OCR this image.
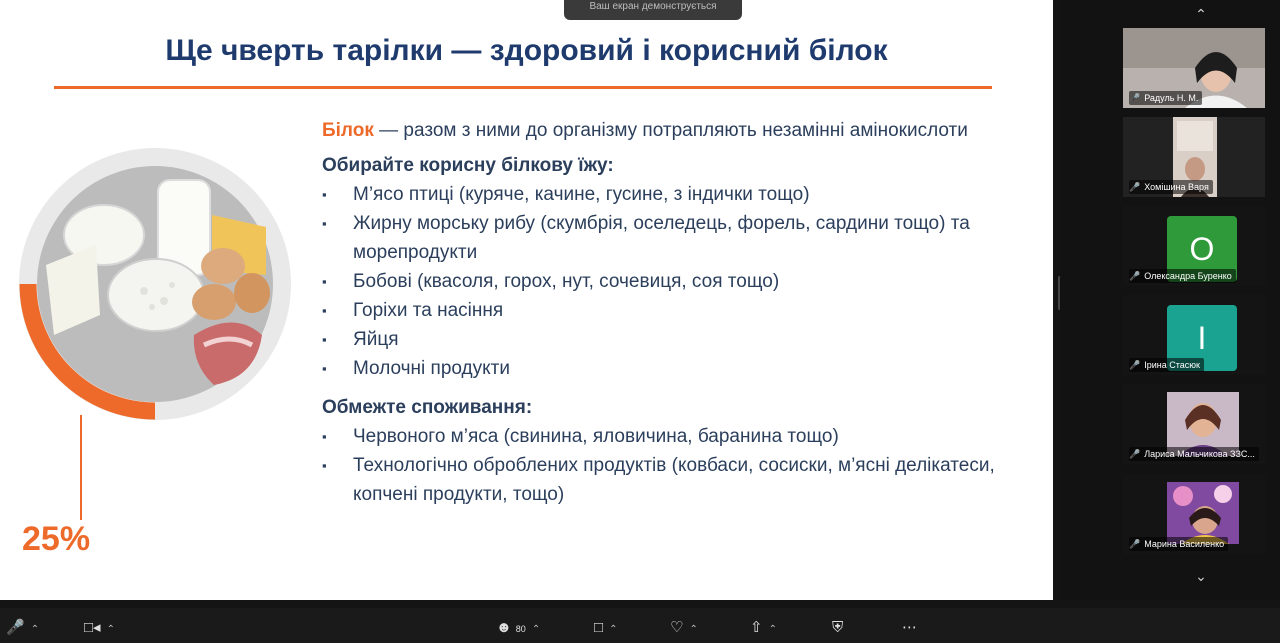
Ваш екран демонструється
Ще чверть тарілки — здоровий і корисний білок
25%

Білок — разом з ними до організму потрапляють незамінні амінокислоти

Обирайте корисну білкову їжу:
▪ М’ясо птиці (куряче, качине, гусине, з індички тощо)
▪ Жирну морську рибу (скумбрія, оселедець, форель, сардини тощо) та морепродукти
▪ Бобові (квасоля, горох, нут, сочевиця, соя тощо)
▪ Горіхи та насіння
▪ Яйця
▪ Молочні продукти
Обмежте споживання:
▪ Червоного м’яса (свинина, яловичина, баранина тощо)
▪ Технологічно оброблених продуктів (ковбаси, сосиски, м’ясні делікатеси, копчені продукти, тощо)
⌃
🎤 Радуль Н. М.
🎤 Хомішина Варя
O
🎤 Олександра Буренко
I
🎤 Ірина Стасюк
🎤 Лариса Мальчикова ЗЗС...
🎤 Марина Василенко
⌄
🎤 ⌃	□◂ ⌃	☻ 80 ⌃	□ ⌃	♡ ⌃	⇧ ⌃	⛨	⋯
